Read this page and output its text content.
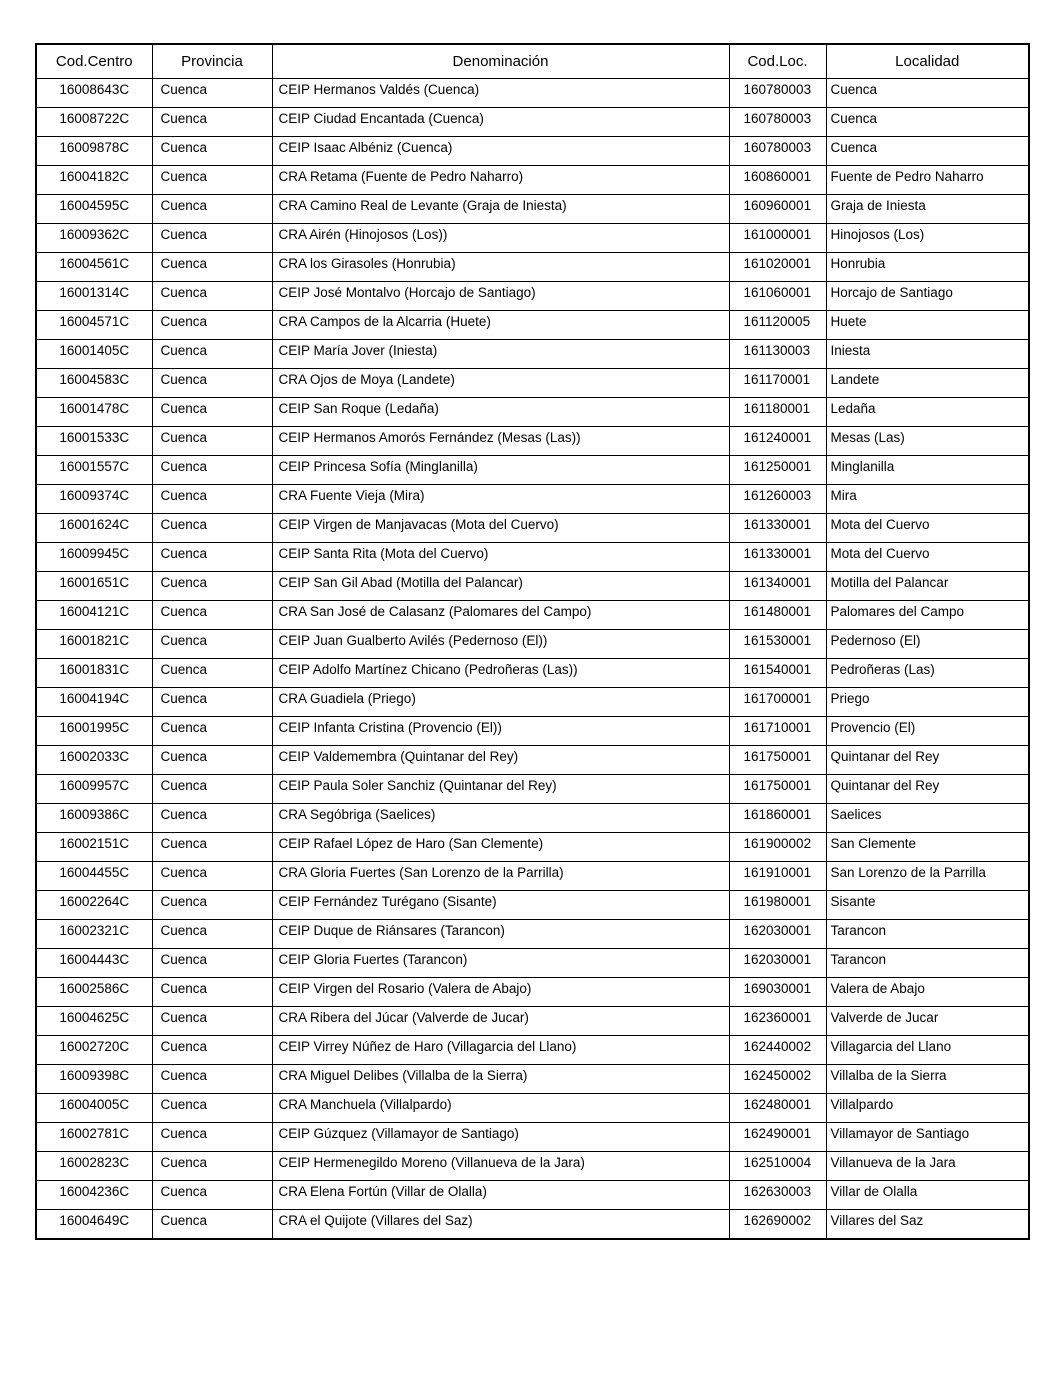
Cod.Centro	Provincia	Denominación	Cod.Loc.	Localidad
16008643C	Cuenca	CEIP Hermanos Valdés (Cuenca)	160780003	Cuenca
16008722C	Cuenca	CEIP Ciudad Encantada (Cuenca)	160780003	Cuenca
16009878C	Cuenca	CEIP Isaac Albéniz (Cuenca)	160780003	Cuenca
16004182C	Cuenca	CRA Retama (Fuente de Pedro Naharro)	160860001	Fuente de Pedro Naharro
16004595C	Cuenca	CRA Camino Real de Levante (Graja de Iniesta)	160960001	Graja de Iniesta
16009362C	Cuenca	CRA Airén (Hinojosos (Los))	161000001	Hinojosos (Los)
16004561C	Cuenca	CRA los Girasoles (Honrubia)	161020001	Honrubia
16001314C	Cuenca	CEIP José Montalvo (Horcajo de Santiago)	161060001	Horcajo de Santiago
16004571C	Cuenca	CRA Campos de la Alcarria (Huete)	161120005	Huete
16001405C	Cuenca	CEIP María Jover (Iniesta)	161130003	Iniesta
16004583C	Cuenca	CRA Ojos de Moya (Landete)	161170001	Landete
16001478C	Cuenca	CEIP San Roque (Ledaña)	161180001	Ledaña
16001533C	Cuenca	CEIP Hermanos Amorós Fernández (Mesas (Las))	161240001	Mesas (Las)
16001557C	Cuenca	CEIP Princesa Sofía (Minglanilla)	161250001	Minglanilla
16009374C	Cuenca	CRA Fuente Vieja (Mira)	161260003	Mira
16001624C	Cuenca	CEIP Virgen de Manjavacas (Mota del Cuervo)	161330001	Mota del Cuervo
16009945C	Cuenca	CEIP Santa Rita (Mota del Cuervo)	161330001	Mota del Cuervo
16001651C	Cuenca	CEIP San Gil Abad (Motilla del Palancar)	161340001	Motilla del Palancar
16004121C	Cuenca	CRA San José de Calasanz (Palomares del Campo)	161480001	Palomares del Campo
16001821C	Cuenca	CEIP Juan Gualberto Avilés (Pedernoso (El))	161530001	Pedernoso (El)
16001831C	Cuenca	CEIP Adolfo Martínez Chicano (Pedroñeras (Las))	161540001	Pedroñeras (Las)
16004194C	Cuenca	CRA Guadiela (Priego)	161700001	Priego
16001995C	Cuenca	CEIP Infanta Cristina (Provencio (El))	161710001	Provencio (El)
16002033C	Cuenca	CEIP Valdemembra (Quintanar del Rey)	161750001	Quintanar del Rey
16009957C	Cuenca	CEIP Paula Soler Sanchiz (Quintanar del Rey)	161750001	Quintanar del Rey
16009386C	Cuenca	CRA Segóbriga (Saelices)	161860001	Saelices
16002151C	Cuenca	CEIP Rafael López de Haro (San Clemente)	161900002	San Clemente
16004455C	Cuenca	CRA Gloria Fuertes (San Lorenzo de la Parrilla)	161910001	San Lorenzo de la Parrilla
16002264C	Cuenca	CEIP Fernández Turégano (Sisante)	161980001	Sisante
16002321C	Cuenca	CEIP Duque de Riánsares (Tarancon)	162030001	Tarancon
16004443C	Cuenca	CEIP Gloria Fuertes (Tarancon)	162030001	Tarancon
16002586C	Cuenca	CEIP Virgen del Rosario (Valera de Abajo)	169030001	Valera de Abajo
16004625C	Cuenca	CRA Ribera del Júcar (Valverde de Jucar)	162360001	Valverde de Jucar
16002720C	Cuenca	CEIP Virrey Núñez de Haro (Villagarcia del Llano)	162440002	Villagarcia del Llano
16009398C	Cuenca	CRA Miguel Delibes (Villalba de la Sierra)	162450002	Villalba de la Sierra
16004005C	Cuenca	CRA Manchuela (Villalpardo)	162480001	Villalpardo
16002781C	Cuenca	CEIP Gúzquez (Villamayor de Santiago)	162490001	Villamayor de Santiago
16002823C	Cuenca	CEIP Hermenegildo Moreno (Villanueva de la Jara)	162510004	Villanueva de la Jara
16004236C	Cuenca	CRA Elena Fortún (Villar de Olalla)	162630003	Villar de Olalla
16004649C	Cuenca	CRA el Quijote (Villares del Saz)	162690002	Villares del Saz
